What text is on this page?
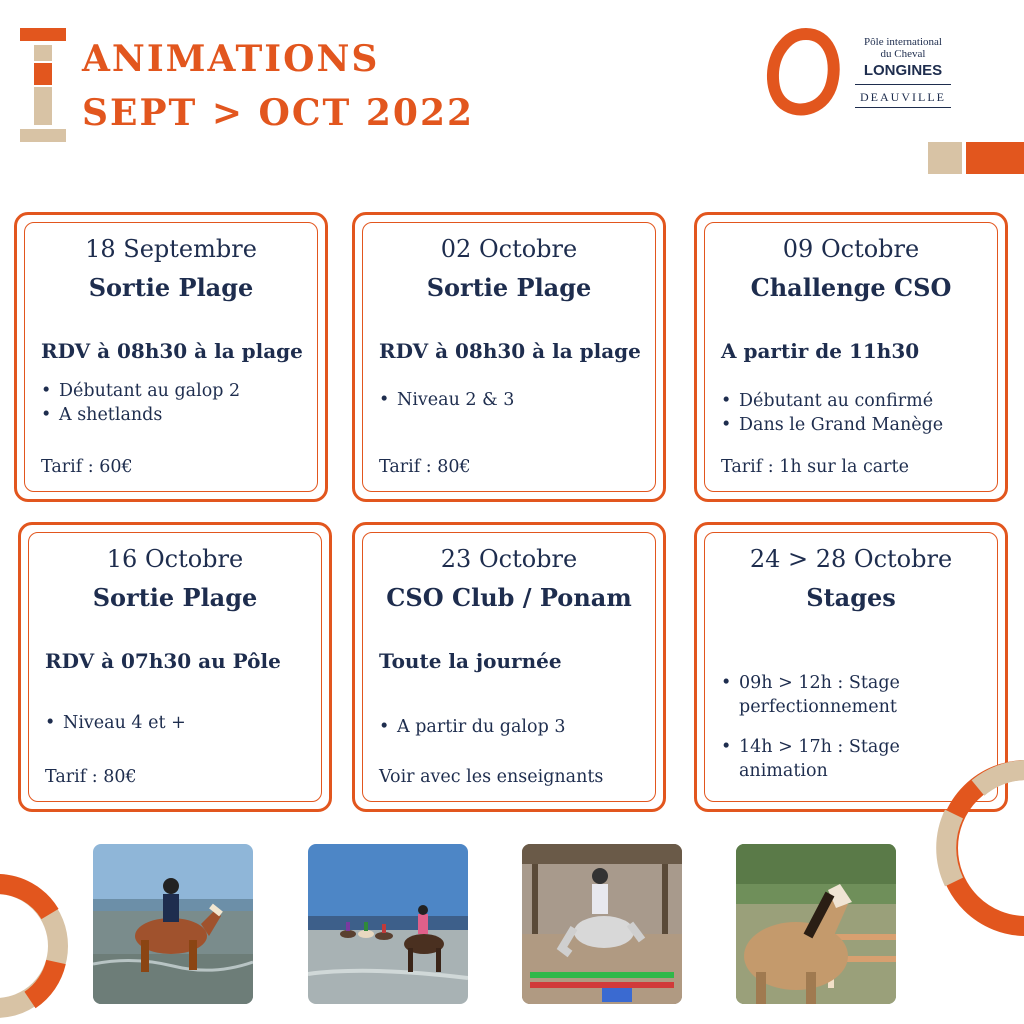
ANIMATIONS
SEPT > OCT 2022
Pôle international
du Cheval
LONGINES
DEAUVILLE
18 Septembre
Sortie Plage
RDV à 08h30 à la plage
• Débutant au galop 2
• A shetlands
Tarif : 60€
02 Octobre
Sortie Plage
RDV à 08h30 à la plage
• Niveau 2 & 3
Tarif : 80€
09 Octobre
Challenge CSO
A partir de 11h30
• Débutant au confirmé
• Dans le Grand Manège
Tarif : 1h sur la carte
16 Octobre
Sortie Plage
RDV à 07h30 au Pôle
• Niveau 4 et +
Tarif : 80€
23 Octobre
CSO Club / Ponam
Toute la journée
• A partir du galop 3
Voir avec les enseignants
24 > 28 Octobre
Stages
• 09h > 12h : Stage perfectionnement
• 14h > 17h : Stage animation
